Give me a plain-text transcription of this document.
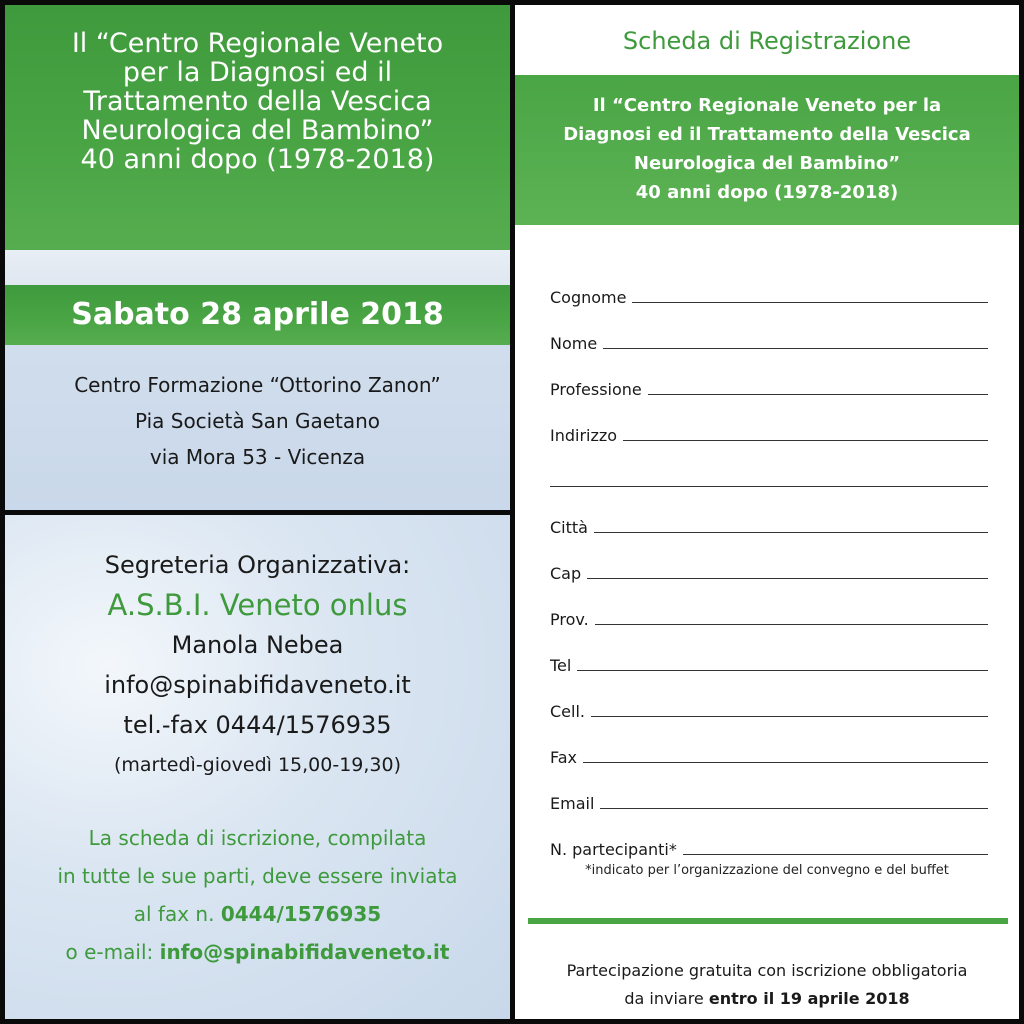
Il “Centro Regionale Veneto
per la Diagnosi ed il
Trattamento della Vescica
Neurologica del Bambino”
40 anni dopo (1978-2018)
Sabato 28 aprile 2018
Centro Formazione “Ottorino Zanon”
Pia Società San Gaetano
via Mora 53 - Vicenza
Segreteria Organizzativa:
A.S.B.I. Veneto onlus
Manola Nebea
info@spinabifidaveneto.it
tel.-fax 0444/1576935
(martedì-giovedì 15,00-19,30)
La scheda di iscrizione, compilata
in tutte le sue parti, deve essere inviata
al fax n. 0444/1576935
o e-mail: info@spinabifidaveneto.it
Scheda di Registrazione
Il “Centro Regionale Veneto per la
Diagnosi ed il Trattamento della Vescica
Neurologica del Bambino”
40 anni dopo (1978-2018)
Cognome
Nome
Professione
Indirizzo
Città
Cap
Prov.
Tel
Cell.
Fax
Email
N. partecipanti*
*indicato per l’organizzazione del convegno e del buffet
Partecipazione gratuita con iscrizione obbligatoria
da inviare entro il 19 aprile 2018
